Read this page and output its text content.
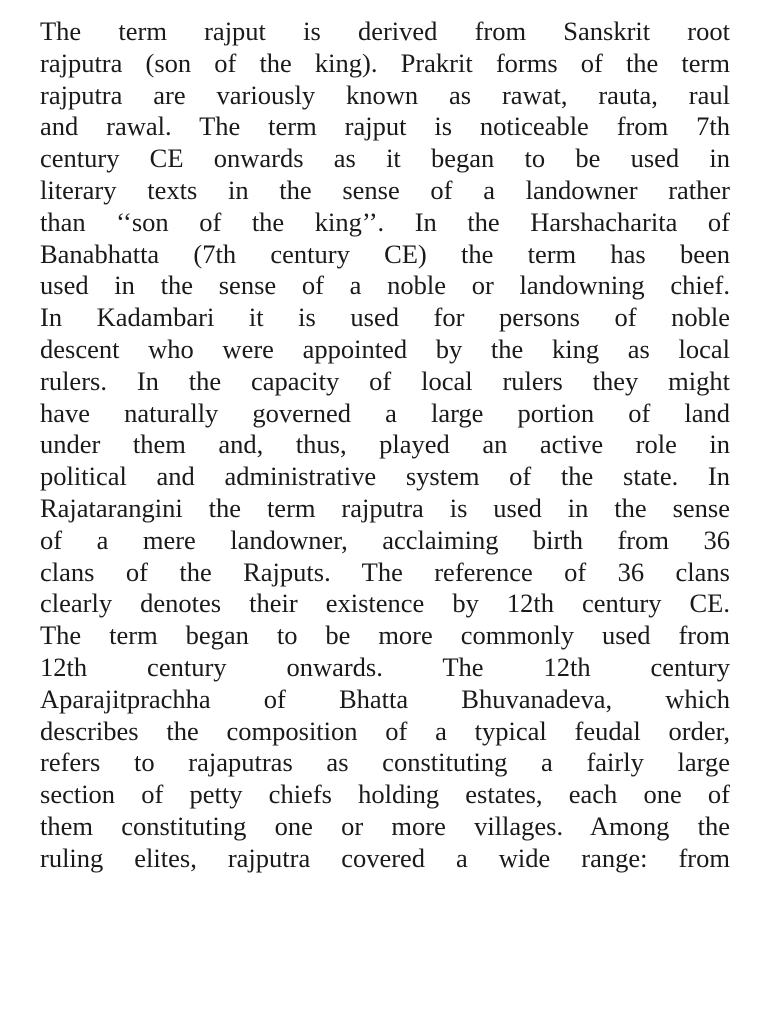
The term rajput is derived from Sanskrit root

rajputra (son of the king). Prakrit forms of the term

rajputra are variously known as rawat, rauta, raul

and rawal. The term rajput is noticeable from 7th

century CE onwards as it began to be used in

literary texts in the sense of a landowner rather

than ‘‘son of the king’’. In the Harshacharita of

Banabhatta (7th century CE) the term has been

used in the sense of a noble or landowning chief.

In Kadambari it is used for persons of noble

descent who were appointed by the king as local

rulers. In the capacity of local rulers they might

have naturally governed a large portion of land

under them and, thus, played an active role in

political and administrative system of the state. In

Rajatarangini the term rajputra is used in the sense

of a mere landowner, acclaiming birth from 36

clans of the Rajputs. The reference of 36 clans

clearly denotes their existence by 12th century CE.

The term began to be more commonly used from

12th century onwards. The 12th century

Aparajitprachha of Bhatta Bhuvanadeva, which

describes the composition of a typical feudal order,

refers to rajaputras as constituting a fairly large

section of petty chiefs holding estates, each one of

them constituting one or more villages. Among the

ruling elites, rajputra covered a wide range: from
